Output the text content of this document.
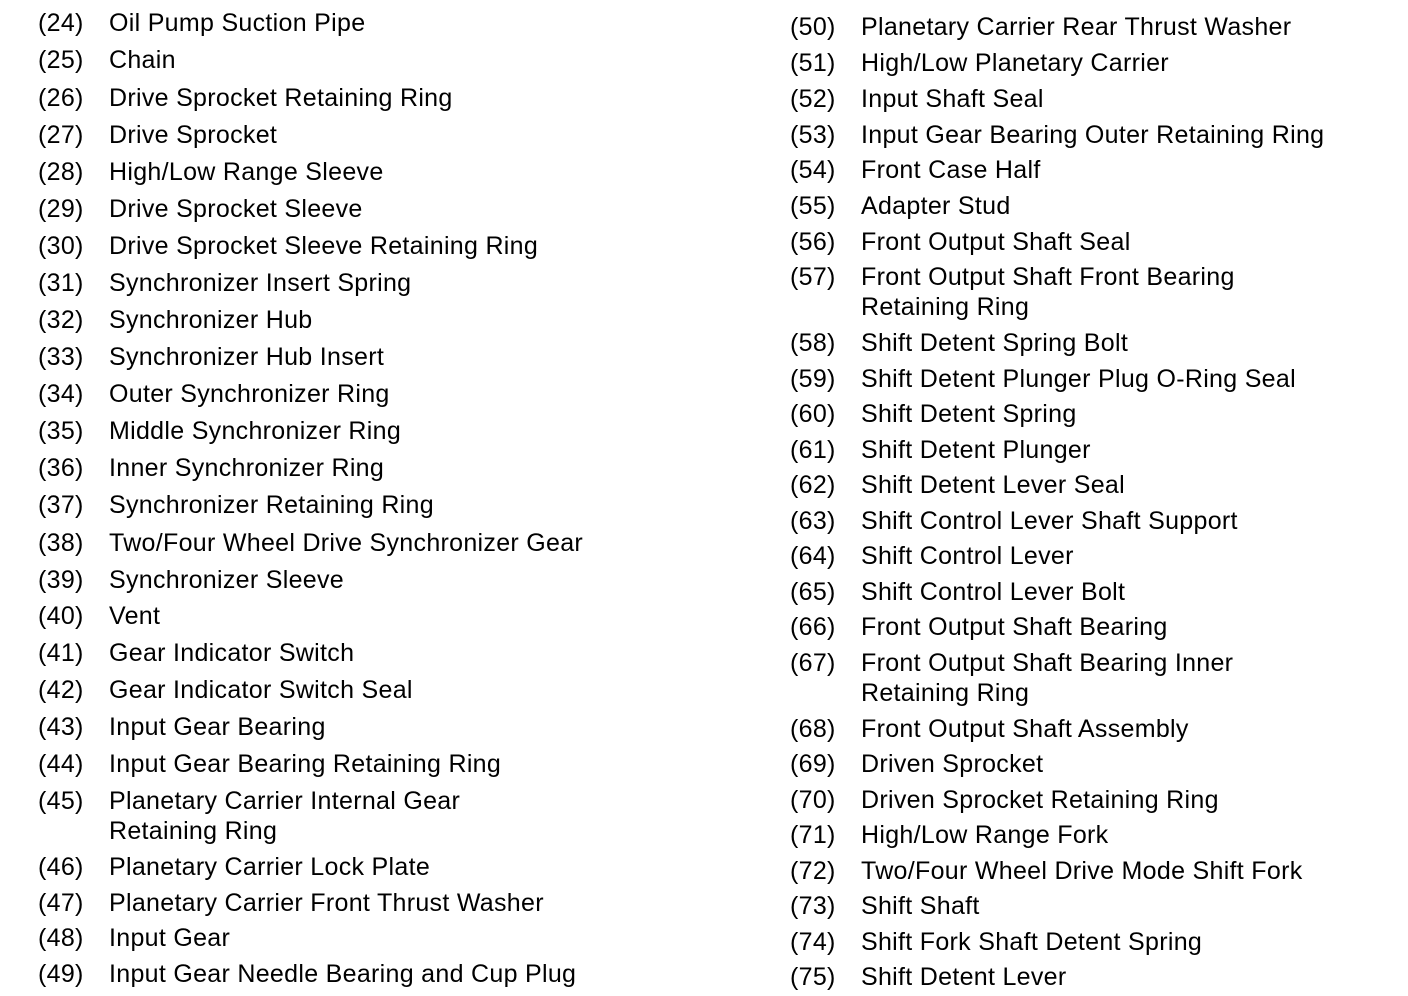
(24)	Oil Pump Suction Pipe
(25)	Chain
(26)	Drive Sprocket Retaining Ring
(27)	Drive Sprocket
(28)	High/Low Range Sleeve
(29)	Drive Sprocket Sleeve
(30)	Drive Sprocket Sleeve Retaining Ring
(31)	Synchronizer Insert Spring
(32)	Synchronizer Hub
(33)	Synchronizer Hub Insert
(34)	Outer Synchronizer Ring
(35)	Middle Synchronizer Ring
(36)	Inner Synchronizer Ring
(37)	Synchronizer Retaining Ring
(38)	Two/Four Wheel Drive Synchronizer Gear
(39)	Synchronizer Sleeve
(40)	Vent
(41)	Gear Indicator Switch
(42)	Gear Indicator Switch Seal
(43)	Input Gear Bearing
(44)	Input Gear Bearing Retaining Ring
(45)	Planetary Carrier Internal Gear
Retaining Ring
(46)	Planetary Carrier Lock Plate
(47)	Planetary Carrier Front Thrust Washer
(48)	Input Gear
(49)	Input Gear Needle Bearing and Cup Plug
(50)	Planetary Carrier Rear Thrust Washer
(51)	High/Low Planetary Carrier
(52)	Input Shaft Seal
(53)	Input Gear Bearing Outer Retaining Ring
(54)	Front Case Half
(55)	Adapter Stud
(56)	Front Output Shaft Seal
(57)	Front Output Shaft Front Bearing
Retaining Ring
(58)	Shift Detent Spring Bolt
(59)	Shift Detent Plunger Plug O-Ring Seal
(60)	Shift Detent Spring
(61)	Shift Detent Plunger
(62)	Shift Detent Lever Seal
(63)	Shift Control Lever Shaft Support
(64)	Shift Control Lever
(65)	Shift Control Lever Bolt
(66)	Front Output Shaft Bearing
(67)	Front Output Shaft Bearing Inner
Retaining Ring
(68)	Front Output Shaft Assembly
(69)	Driven Sprocket
(70)	Driven Sprocket Retaining Ring
(71)	High/Low Range Fork
(72)	Two/Four Wheel Drive Mode Shift Fork
(73)	Shift Shaft
(74)	Shift Fork Shaft Detent Spring
(75)	Shift Detent Lever
